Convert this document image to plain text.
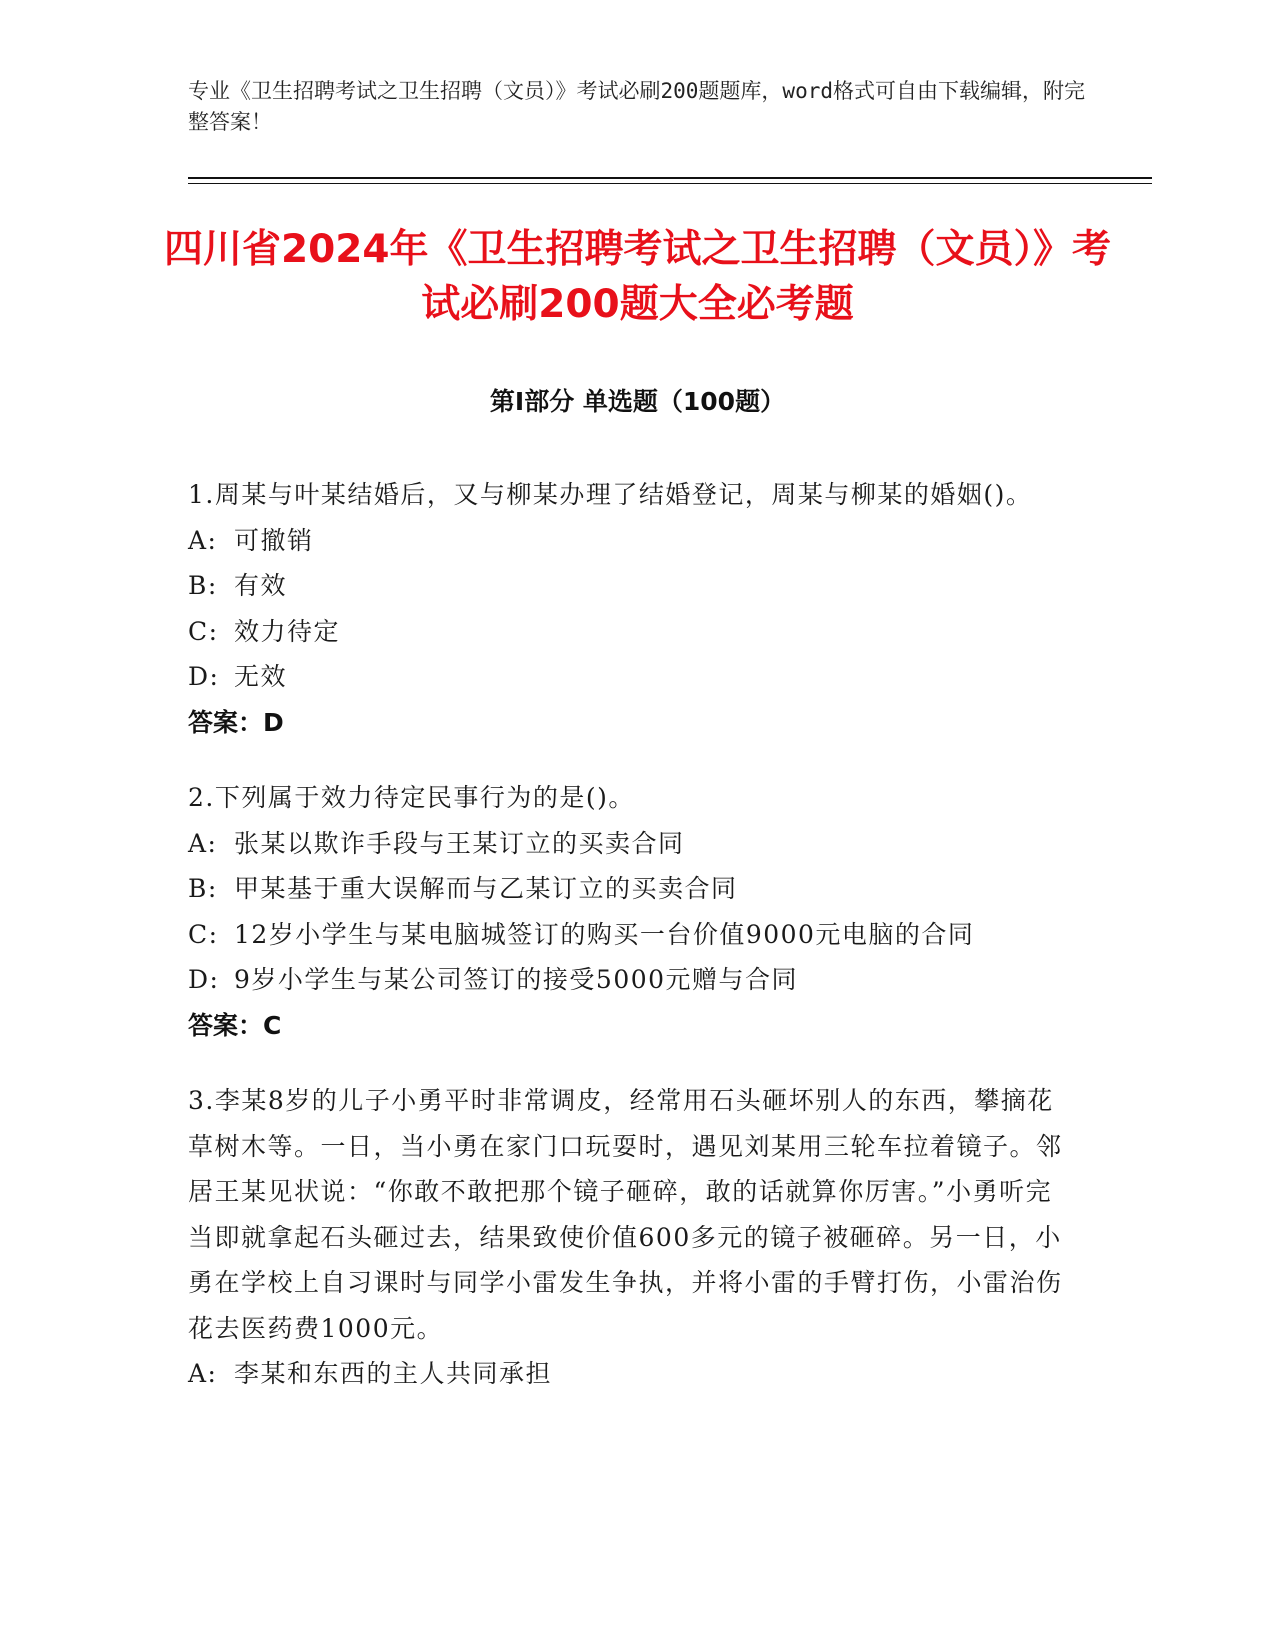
专业《卫生招聘考试之卫生招聘（文员）》考试必刷200题题库，word格式可自由下载编辑，附完整答案！
四川省2024年《卫生招聘考试之卫生招聘（文员）》考试必刷200题大全必考题
第I部分 单选题（100题）

1.周某与叶某结婚后，又与柳某办理了结婚登记，周某与柳某的婚姻()。

A: 可撤销
B: 有效
C: 效力待定
D: 无效
答案：D

2.下列属于效力待定民事行为的是()。

A: 张某以欺诈手段与王某订立的买卖合同
B: 甲某基于重大误解而与乙某订立的买卖合同
C: 12岁小学生与某电脑城签订的购买一台价值9000元电脑的合同
D: 9岁小学生与某公司签订的接受5000元赠与合同
答案：C

3.李某8岁的儿子小勇平时非常调皮，经常用石头砸坏别人的东西，攀摘花草树木等。一日，当小勇在家门口玩耍时，遇见刘某用三轮车拉着镜子。邻居王某见状说：“你敢不敢把那个镜子砸碎，敢的话就算你厉害。”小勇听完当即就拿起石头砸过去，结果致使价值600多元的镜子被砸碎。另一日，小勇在学校上自习课时与同学小雷发生争执，并将小雷的手臂打伤，小雷治伤花去医药费1000元。

A: 李某和东西的主人共同承担
